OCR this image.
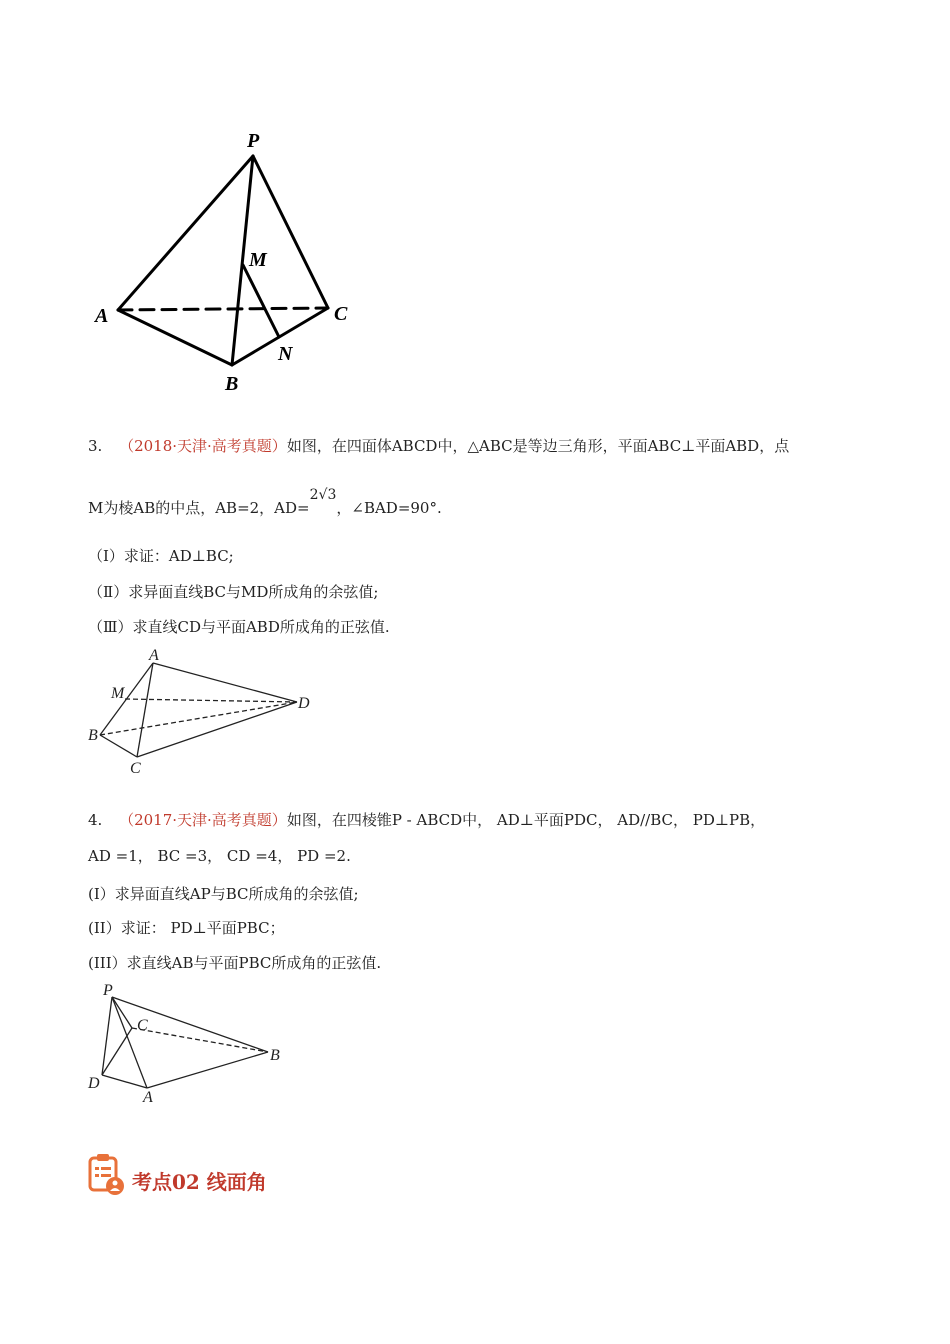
P
A
B
C
M
N
3. （2018·天津·高考真题）如图，在四面体ABCD中，△ABC是等边三角形，平面ABC⊥平面ABD，点
M为棱AB的中点，AB=2，AD=2√3，∠BAD=90°.
（Ⅰ）求证：AD⊥BC;
（Ⅱ）求异面直线BC与MD所成角的余弦值;
（Ⅲ）求直线CD与平面ABD所成角的正弦值.
A
M
B
C
D
4. （2017·天津·高考真题）如图，在四棱锥P - ABCD中， AD⊥平面PDC， AD//BC， PD⊥PB，
AD =1， BC =3， CD =4， PD =2.
(I）求异面直线AP与BC所成角的余弦值;
(II）求证： PD⊥平面PBC；
(III）求直线AB与平面PBC所成角的正弦值.
P
C
B
D
A
考点02 线面角
